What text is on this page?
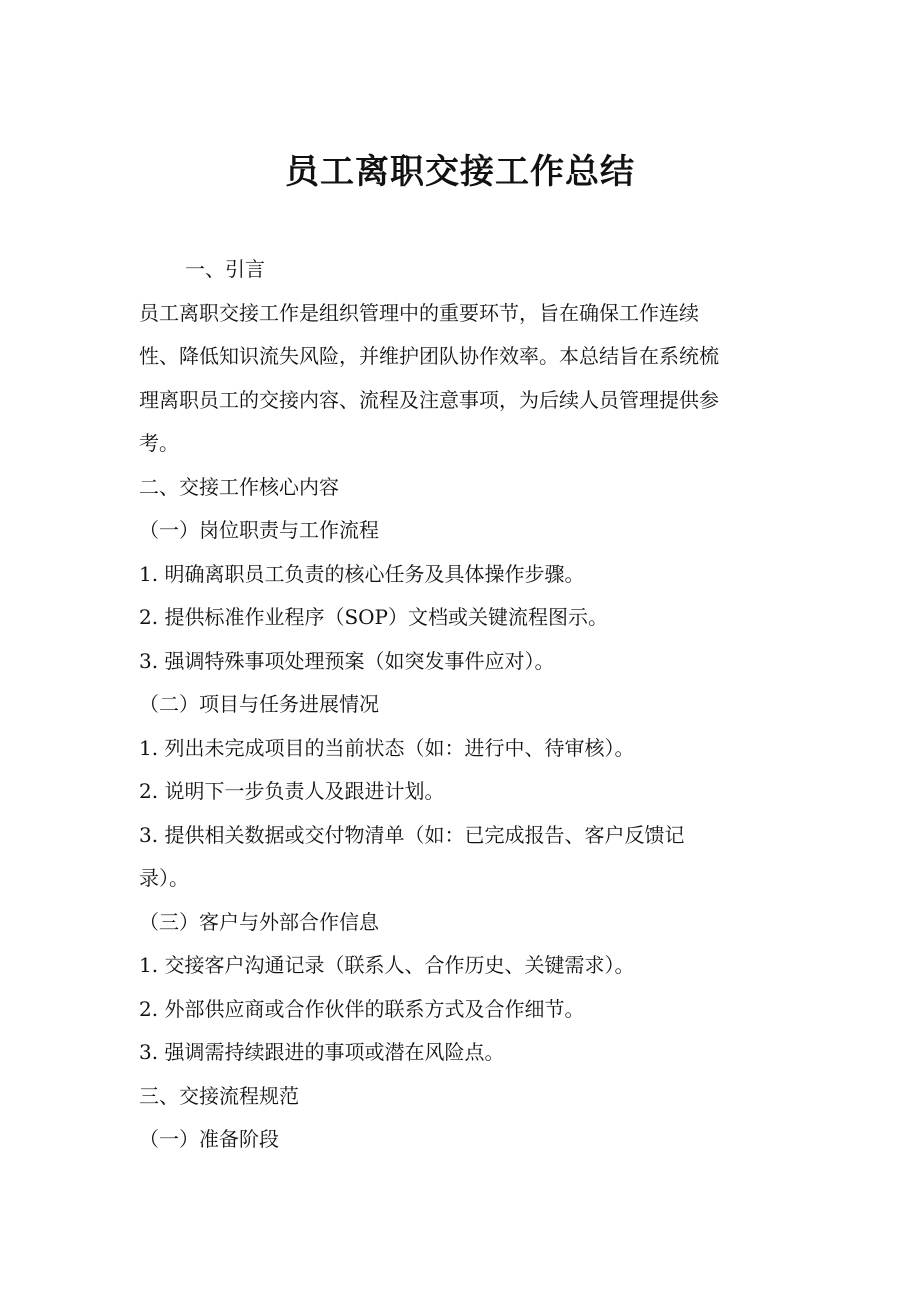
员工离职交接工作总结
一、引言
员工离职交接工作是组织管理中的重要环节，旨在确保工作连续
性、降低知识流失风险，并维护团队协作效率。本总结旨在系统梳
理离职员工的交接内容、流程及注意事项，为后续人员管理提供参
考。
二、交接工作核心内容
（一）岗位职责与工作流程
1. 明确离职员工负责的核心任务及具体操作步骤。
2. 提供标准作业程序（SOP）文档或关键流程图示。
3. 强调特殊事项处理预案（如突发事件应对）。
（二）项目与任务进展情况
1. 列出未完成项目的当前状态（如：进行中、待审核）。
2. 说明下一步负责人及跟进计划。
3. 提供相关数据或交付物清单（如：已完成报告、客户反馈记
录）。
（三）客户与外部合作信息
1. 交接客户沟通记录（联系人、合作历史、关键需求）。
2. 外部供应商或合作伙伴的联系方式及合作细节。
3. 强调需持续跟进的事项或潜在风险点。
三、交接流程规范
（一）准备阶段
